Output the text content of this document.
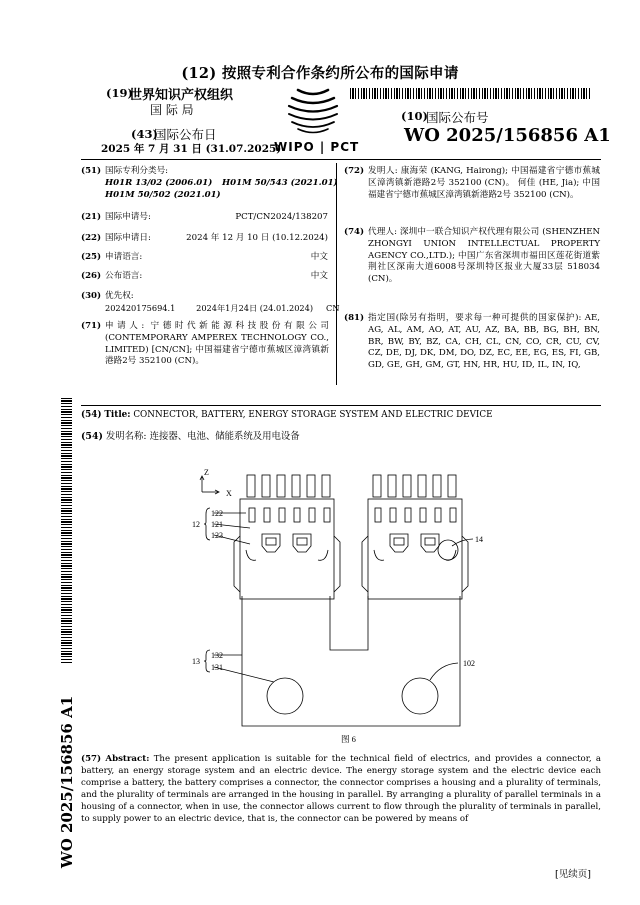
(12) 按照专利合作条约所公布的国际申请
(19)
世界知识产权组织
国 际 局
(43)
国际公布日
2025 年 7 月 31 日 (31.07.2025)
WIPO | PCT
(10)
国际公布号
WO 2025/156856 A1
(51) 国际专利分类号:
H01R 13/02 (2006.01) H01M 50/543 (2021.01)
H01M 50/502 (2021.01)
(21) 国际申请号:	PCT/CN2024/138207
(22) 国际申请日:	2024 年 12 月 10 日 (10.12.2024)
(25) 申请语言:	中文
(26) 公布语言:	中文
(30) 优先权:
202420175694.1        2024年1月24日 (24.01.2024)     CN
(71) 申请人: 宁德时代新能源科技股份有限公司 (CONTEMPORARY AMPEREX TECHNOLOGY CO., LIMITED) [CN/CN]; 中国福建省宁德市蕉城区漳湾镇新港路2号 352100 (CN)。
(72) 发明人: 康海荣 (KANG, Hairong); 中国福建省宁德市蕉城区漳湾镇新港路2号 352100 (CN)。 何佳 (HE, Jia); 中国福建省宁德市蕉城区漳湾镇新港路2号 352100 (CN)。
(74) 代理人: 深圳中一联合知识产权代理有限公司 (SHENZHEN ZHONGYI UNION INTELLECTUAL PROPERTY AGENCY CO.,LTD.); 中国广东省深圳市福田区莲花街道紫荆社区深南大道6008号深圳特区报业大厦33层 518034 (CN)。
(81) 指定国(除另有指明，要求每一种可提供的国家保护): AE, AG, AL, AM, AO, AT, AU, AZ, BA, BB, BG, BH, BN, BR, BW, BY, BZ, CA, CH, CL, CN, CO, CR, CU, CV, CZ, DE, DJ, DK, DM, DO, DZ, EC, EE, EG, ES, FI, GB, GD, GE, GH, GM, GT, HN, HR, HU, ID, IL, IN, IQ,
(54) Title: CONNECTOR, BATTERY, ENERGY STORAGE SYSTEM AND ELECTRIC DEVICE
(54) 发明名称: 连接器、电池、储能系统及用电设备
Z
X
12
122
121
123	14
13
132
131	102
图 6
(57) Abstract: The present application is suitable for the technical field of electrics, and provides a connector, a battery, an energy storage system and an electric device. The energy storage system and the electric device each comprise a battery, the battery comprises a connector, the connector comprises a housing and a plurality of terminals, and the plurality of terminals are arranged in the housing in parallel. By arranging a plurality of parallel terminals in a housing of a connector, when in use, the connector allows current to flow through the plurality of terminals in parallel, to supply power to an electric device, that is, the connector can be powered by means of
WO 2025/156856 A1
[见续页]
